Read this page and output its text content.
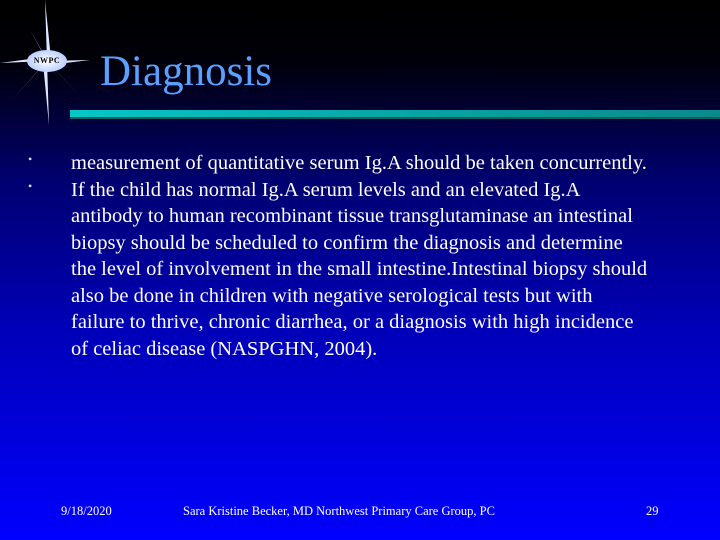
NWPC Diagnosis
• measurement of quantitative serum Ig.A should be taken concurrently.
• If the child has normal Ig.A serum levels and an elevated Ig.A antibody to human recombinant tissue transglutaminase an intestinal biopsy should be scheduled to confirm the diagnosis and determine the level of involvement in the small intestine.Intestinal biopsy should also be done in children with negative serological tests but with failure to thrive, chronic diarrhea, or a diagnosis with high incidence of celiac disease (NASPGHN, 2004).
9/18/2020	Sara Kristine Becker, MD Northwest Primary Care Group, PC	29
